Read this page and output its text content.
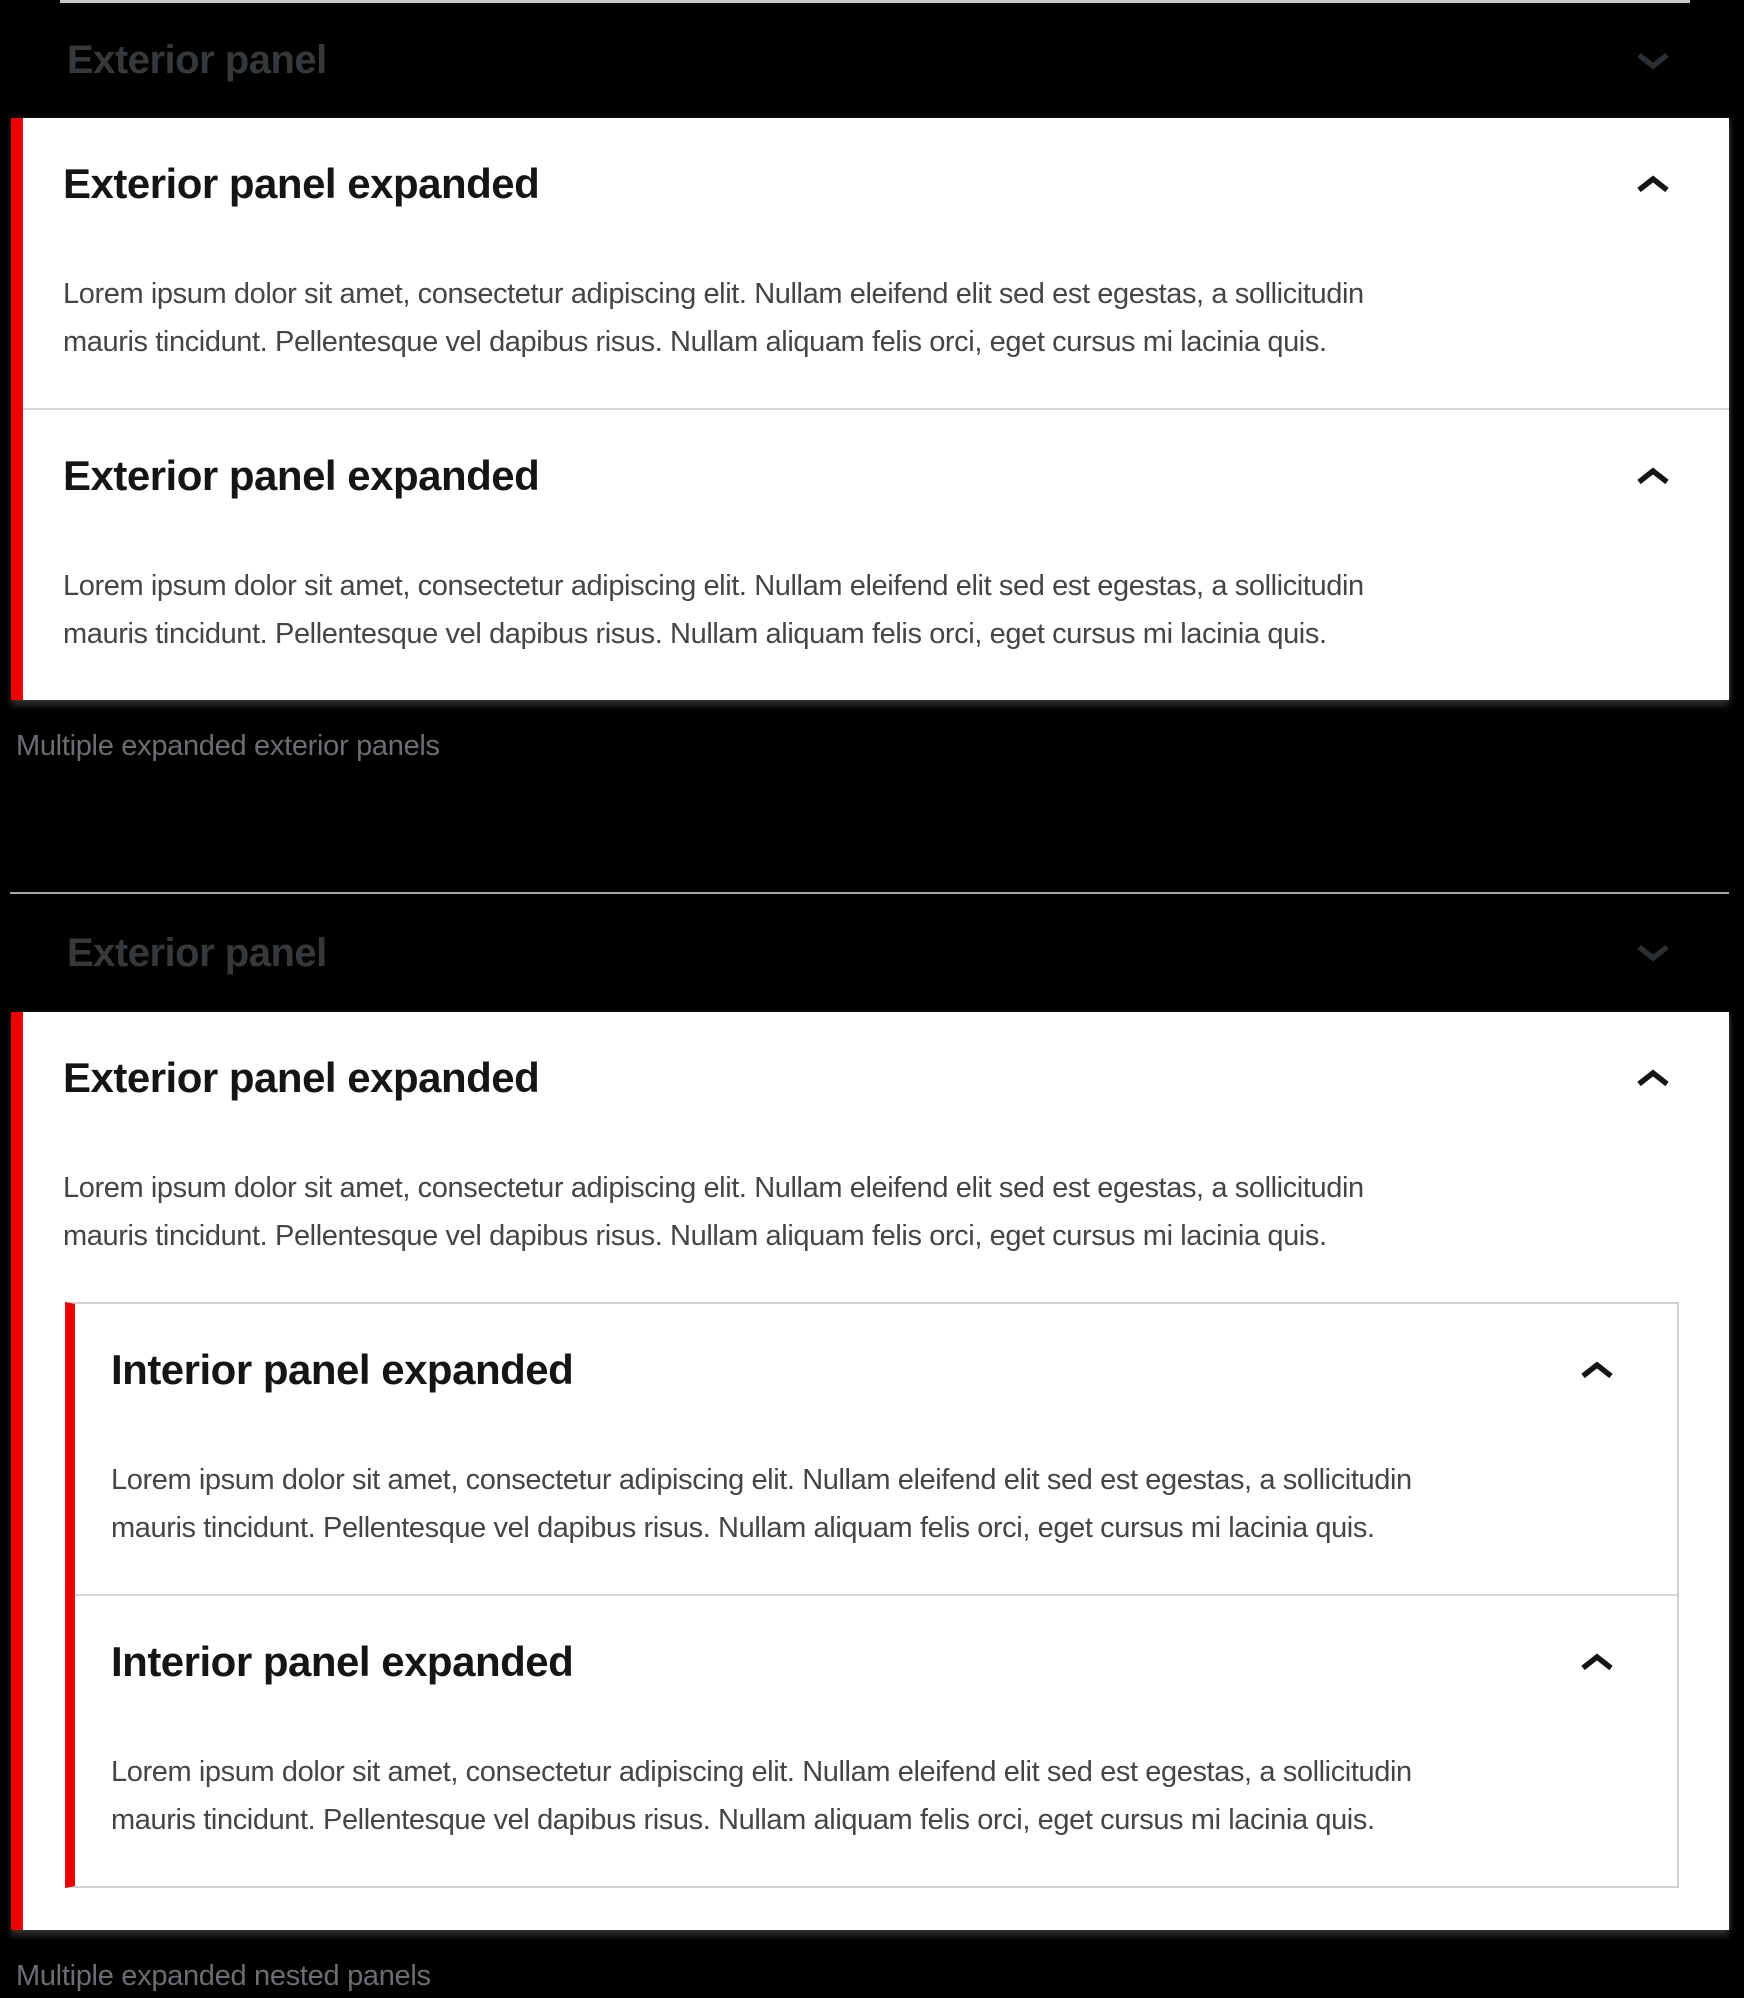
Exterior panel
Exterior panel expanded
Lorem ipsum dolor sit amet, consectetur adipiscing elit. Nullam eleifend elit sed est egestas, a sollicitudin
mauris tincidunt. Pellentesque vel dapibus risus. Nullam aliquam felis orci, eget cursus mi lacinia quis.
Exterior panel expanded
Lorem ipsum dolor sit amet, consectetur adipiscing elit. Nullam eleifend elit sed est egestas, a sollicitudin
mauris tincidunt. Pellentesque vel dapibus risus. Nullam aliquam felis orci, eget cursus mi lacinia quis.
Multiple expanded exterior panels
Exterior panel
Exterior panel expanded
Lorem ipsum dolor sit amet, consectetur adipiscing elit. Nullam eleifend elit sed est egestas, a sollicitudin
mauris tincidunt. Pellentesque vel dapibus risus. Nullam aliquam felis orci, eget cursus mi lacinia quis.
Interior panel expanded
Lorem ipsum dolor sit amet, consectetur adipiscing elit. Nullam eleifend elit sed est egestas, a sollicitudin
mauris tincidunt. Pellentesque vel dapibus risus. Nullam aliquam felis orci, eget cursus mi lacinia quis.
Interior panel expanded
Lorem ipsum dolor sit amet, consectetur adipiscing elit. Nullam eleifend elit sed est egestas, a sollicitudin
mauris tincidunt. Pellentesque vel dapibus risus. Nullam aliquam felis orci, eget cursus mi lacinia quis.
Multiple expanded nested panels
